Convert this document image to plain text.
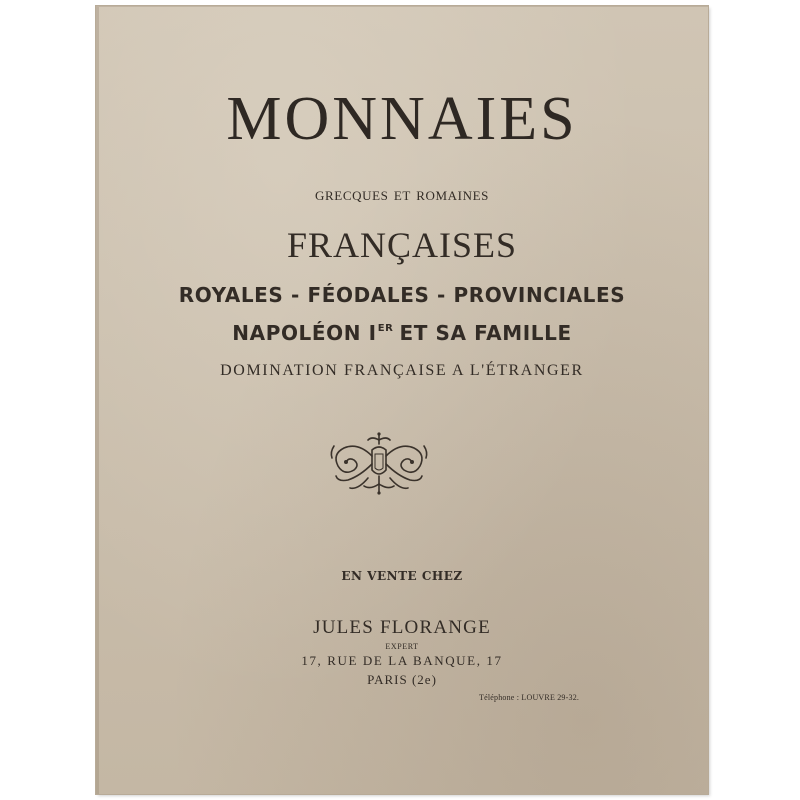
MONNAIES
grecques et romaines
FRANÇAISES
ROYALES - FÉODALES - PROVINCIALES
NAPOLÉON IER ET SA FAMILLE
DOMINATION FRANÇAISE A L'ÉTRANGER
EN VENTE CHEZ
JULES FLORANGE
EXPERT
17, RUE DE LA BANQUE, 17
PARIS (2e)
Téléphone : LOUVRE 29-32.
